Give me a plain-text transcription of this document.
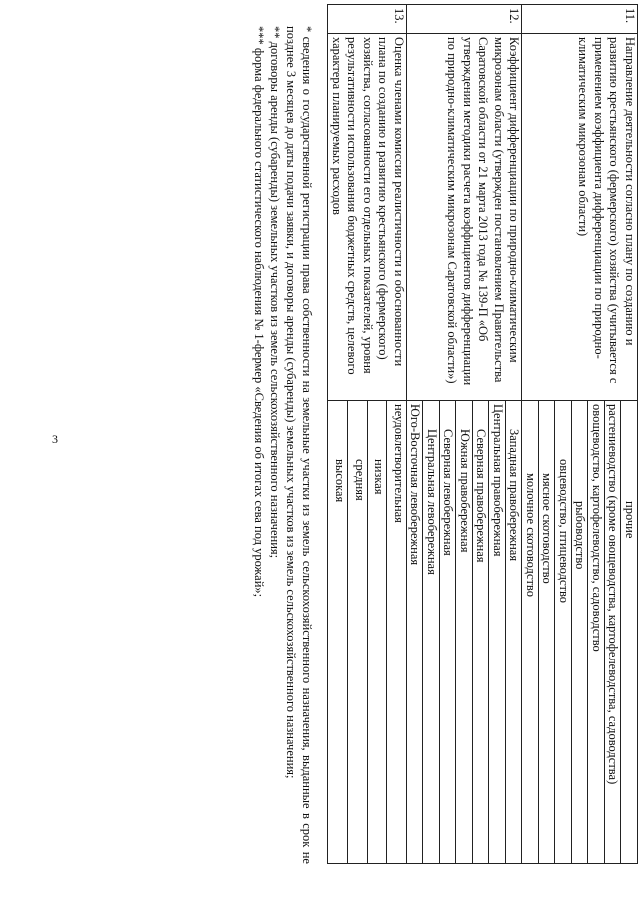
3
11.	Направление деятельности согласно плану по созданию и развитию крестьянского (фермерского) хозяйства (учитывается с применением коэффициента дифференциации по природно-климатическим микрозонам области)	прочие
		растениеводство (кроме овощеводства, картофелеводства, садоводства)
		овощеводство, картофелеводство, садоводство
		рыбоводство
		овцеводство, птицеводство
		мясное скотоводство
		молочное скотоводство
12.	Коэффициент дифференциации по природно-климатическим микрозонам области (утвержден постановлением Правительства Саратовской области от 21 марта 2013 года № 139-П «Об утверждении методики расчета коэффициентов дифференциации по природно-климатическим микрозонам Саратовской области»)	Западная правобережная
		Центральная правобережная
		Северная правобережная
		Южная правобережная
		Северная левобережная
		Центральная левобережная
		Юго-Восточная левобережная
13.	Оценка членами комиссии реалистичности и обоснованности плана по созданию и развитию крестьянского (фермерского) хозяйства, согласованности его отдельных показателей, уровня результативности использования бюджетных средств, целевого характера планируемых расходов	неудовлетворительная
		низкая
		средняя
		высокая

* сведения о государственной регистрации права собственности на земельные участки из земель сельскохозяйственного назначения, выданные в срок не позднее 3 месяцев до даты подачи заявки, и договоры аренды (субаренды) земельных участков из земель сельскохозяйственного назначения;

** договоры аренды (субаренды) земельных участков из земель сельскохозяйственного назначения;

*** форма федерального статистического наблюдения № 1-фермер «Сведения об итогах сева под урожай»;
